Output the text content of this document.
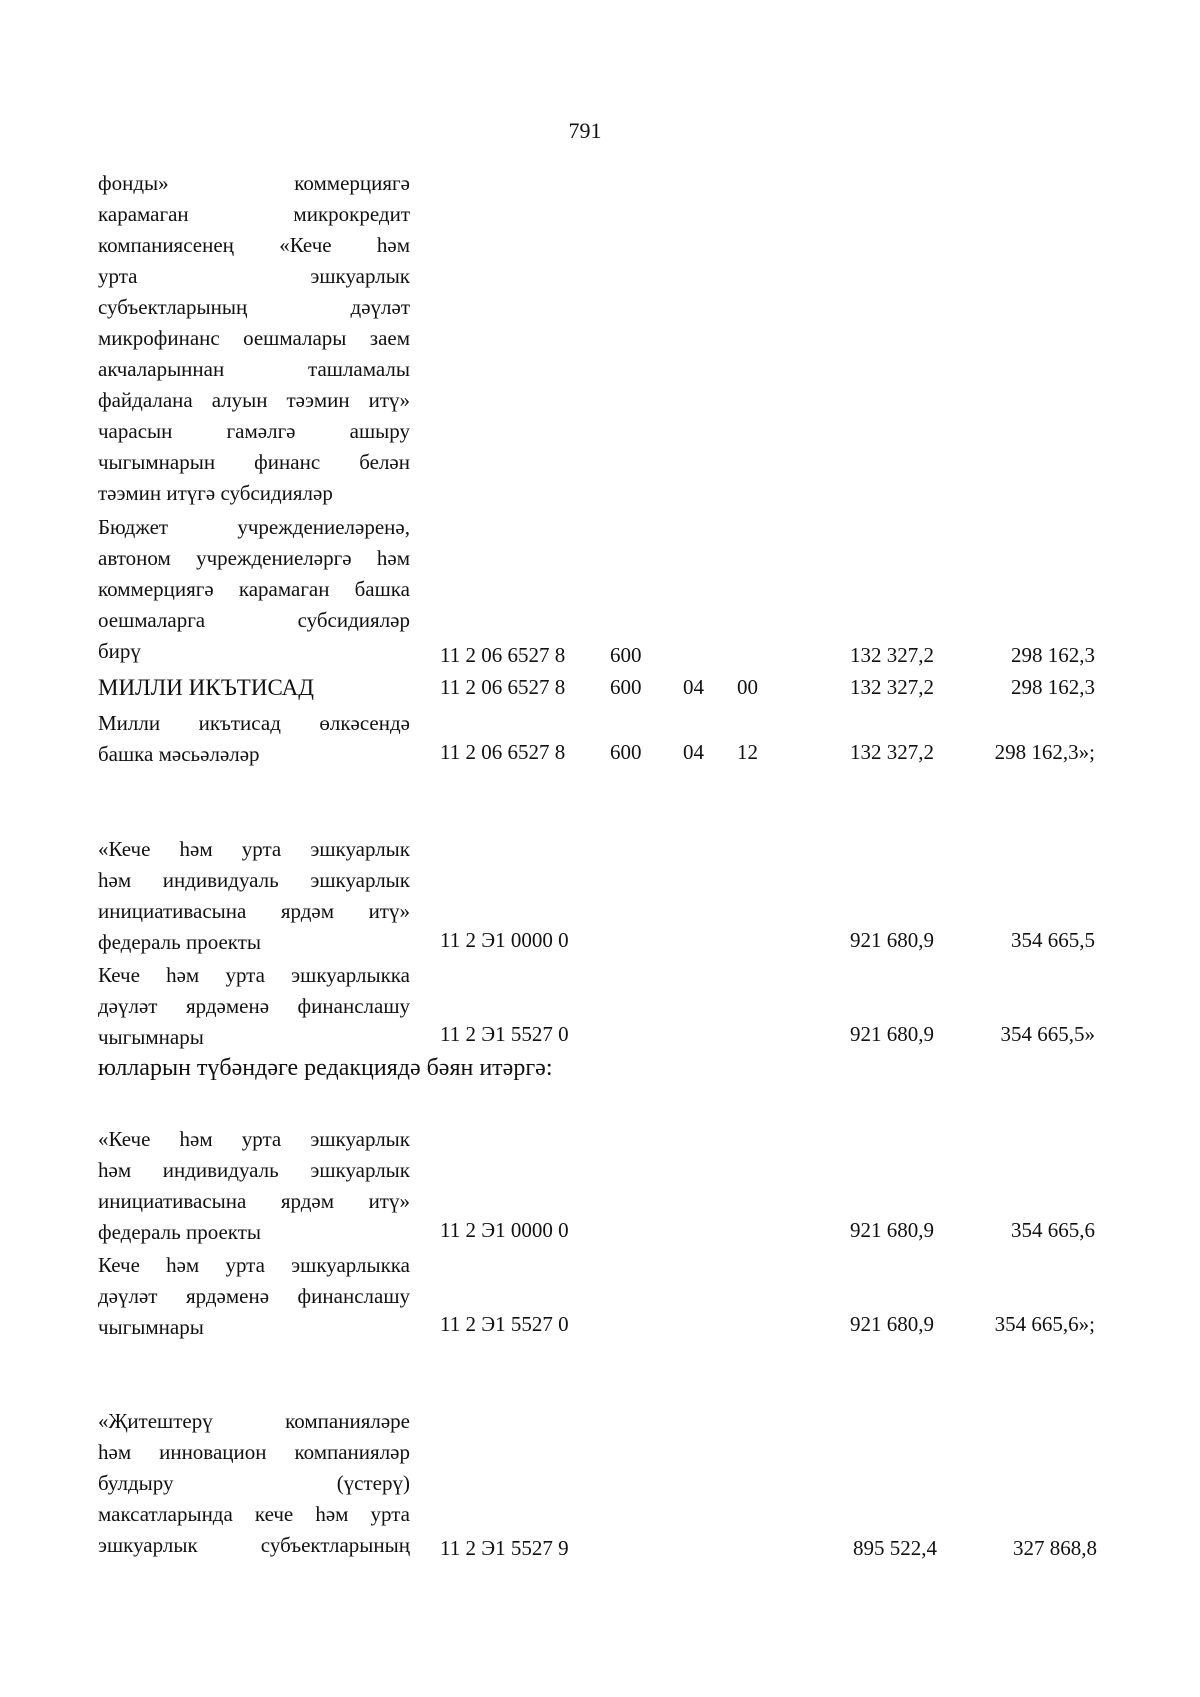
791
фонды» коммерциягә
карамаган микрокредит
компаниясенең «Кече һәм
урта эшкуарлык
субъектларының дәүләт
микрофинанс оешмалары заем
акчаларыннан ташламалы
файдалана алуын тәэмин итү»
чарасын гамәлгә ашыру
чыгымнарын финанс белән
тәэмин итүгә субсидияләр
Бюджет учреждениеләренә,
автоном учреждениеләргә һәм
коммерциягә карамаган башка
оешмаларга субсидияләр
бирү	11 2 06 6527 8 600	132 327,2	298 162,3
МИЛЛИ ИКЪТИСАД	11 2 06 6527 8 600 04 00	132 327,2	298 162,3
Милли икътисад өлкәсендә
башка мәсьәләләр	11 2 06 6527 8 600 04 12	132 327,2	298 162,3»;
«Кече һәм урта эшкуарлык
һәм индивидуаль эшкуарлык
инициативасына ярдәм итү»
федераль проекты	11 2 Э1 0000 0	921 680,9	354 665,5
Кече һәм урта эшкуарлыкка
дәүләт ярдәменә финанслашу
чыгымнары	11 2 Э1 5527 0	921 680,9	354 665,5»
юлларын түбәндәге редакциядә бәян итәргә:
«Кече һәм урта эшкуарлык
һәм индивидуаль эшкуарлык
инициативасына ярдәм итү»
федераль проекты	11 2 Э1 0000 0	921 680,9	354 665,6
Кече һәм урта эшкуарлыкка
дәүләт ярдәменә финанслашу
чыгымнары	11 2 Э1 5527 0	921 680,9	354 665,6»;
«Җитештерү компанияләре
һәм инновацион компанияләр
булдыру (үстерү)
максатларында кече һәм урта
эшкуарлык субъектларының 11 2 Э1 5527 9	895 522,4	327 868,8
